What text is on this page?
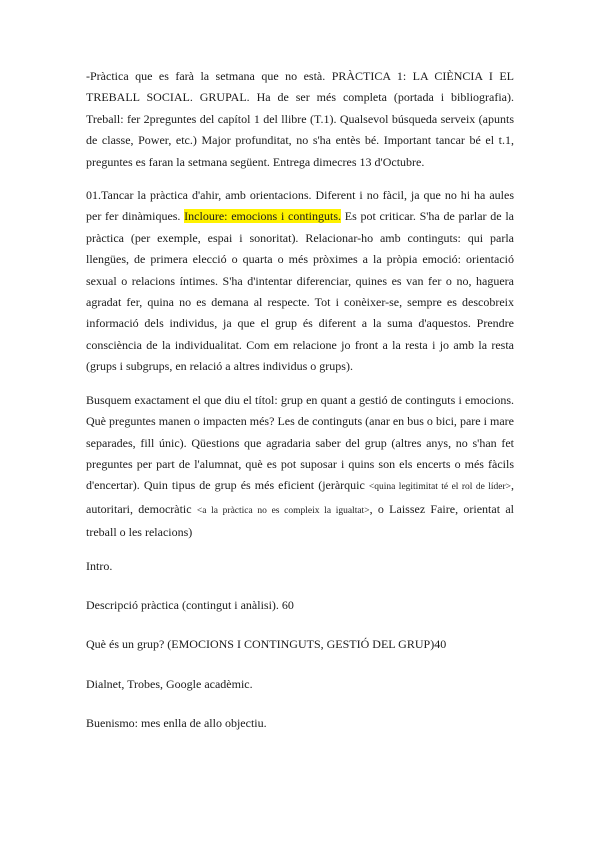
-Pràctica que es farà la setmana que no està. PRÀCTICA 1: LA CIÈNCIA I EL TREBALL SOCIAL. GRUPAL. Ha de ser més completa (portada i bibliografia). Treball: fer 2preguntes del capítol 1 del llibre (T.1). Qualsevol búsqueda serveix (apunts de classe, Power, etc.) Major profunditat, no s'ha entès bé. Important tancar bé el t.1, preguntes es faran la setmana següent. Entrega dimecres 13 d'Octubre.

01.Tancar la pràctica d'ahir, amb orientacions. Diferent i no fàcil, ja que no hi ha aules per fer dinàmiques. Incloure: emocions i continguts. Es pot criticar. S'ha de parlar de la pràctica (per exemple, espai i sonoritat). Relacionar-ho amb continguts: qui parla llengües, de primera elecció o quarta o més pròximes a la pròpia emoció: orientació sexual o relacions íntimes. S'ha d'intentar diferenciar, quines es van fer o no, haguera agradat fer, quina no es demana al respecte. Tot i conèixer-se, sempre es descobreix informació dels individus, ja que el grup és diferent a la suma d'aquestos. Prendre consciència de la individualitat. Com em relacione jo front a la resta i jo amb la resta (grups i subgrups, en relació a altres individus o grups).

Busquem exactament el que diu el títol: grup en quant a gestió de continguts i emocions. Què preguntes manen o impacten més? Les de continguts (anar en bus o bici, pare i mare separades, fill únic). Qüestions que agradaria saber del grup (altres anys, no s'han fet preguntes per part de l'alumnat, què es pot suposar i quins son els encerts o més fàcils d'encertar). Quin tipus de grup és més eficient (jeràrquic <quina legitimitat té el rol de líder>, autoritari, democràtic <a la pràctica no es compleix la igualtat>, o Laissez Faire, orientat al treball o les relacions)

Intro.

Descripció pràctica (contingut i anàlisi). 60

Què és un grup? (EMOCIONS I CONTINGUTS, GESTIÓ DEL GRUP)40

Dialnet, Trobes, Google acadèmic.

Buenismo: mes enlla de allo objectiu.
